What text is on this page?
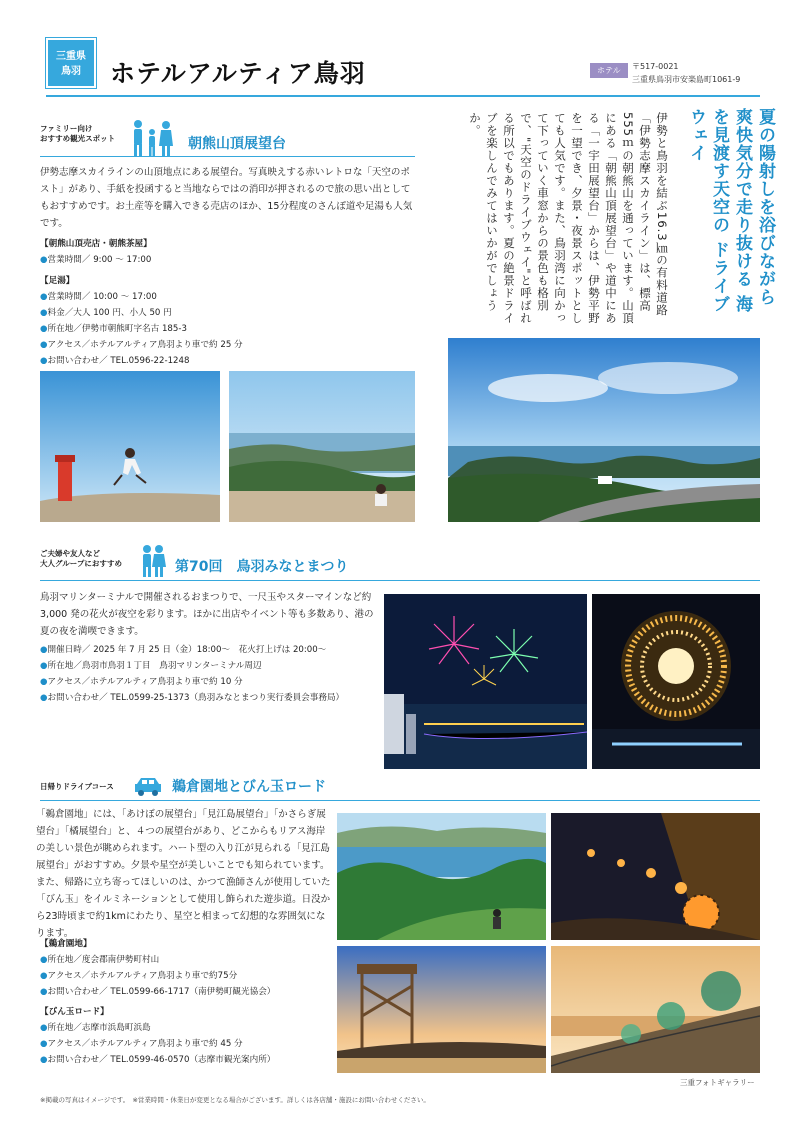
三重県
鳥羽	ホテルアルティア鳥羽	ホテル	〒517-0021
三重県鳥羽市安楽島町1061-9
ファミリー向け
おすすめ観光スポット	朝熊山頂展望台
伊勢志摩スカイラインの山頂地点にある展望台。写真映えする赤いレトロな「天空のポスト」があり、手紙を投函すると当地ならではの消印が押されるので旅の思い出としてもおすすめです。お土産等を購入できる売店のほか、15分程度のさんぽ道や足湯も人気です。
【朝熊山頂売店・朝熊茶屋】
●営業時間／ 9:00 ～ 17:00
【足湯】
●営業時間／ 10:00 ～ 17:00
●料金／大人 100 円、小人 50 円
●所在地／伊勢市朝熊町字名古 185-3
●アクセス／ホテルアルティア鳥羽より車で約 25 分
●お問い合わせ／ TEL.0596-22-1248
夏の陽射しを浴びながら 爽快気分で走り抜ける 海を見渡す天空の ドライブウェイ
伊勢と鳥羽を結ぶ16.3㎞の有料道路「伊勢志摩スカイライン」は、標高555ｍの朝熊山を通っています。山頂にある「朝熊山頂展望台」や道中にある「一宇田展望台」からは、伊勢平野を一望でき、夕景・夜景スポットとしても人気です。また、鳥羽湾に向かって下っていく車窓からの景色も格別で、"天空のドライブウェイ"と呼ばれる所以でもあります。夏の絶景ドライブを楽しんでみてはいかがでしょうか。
ご夫婦や友人など
大人グループにおすすめ	第70回　鳥羽みなとまつり
鳥羽マリンターミナルで開催されるおまつりで、一尺玉やスターマインなど約 3,000 発の花火が夜空を彩ります。ほかに出店やイベント等も多数あり、港の夏の夜を満喫できます。
●開催日時／ 2025 年 7 月 25 日（金）18:00～　花火打上げは 20:00～
●所在地／鳥羽市鳥羽１丁目　鳥羽マリンターミナル周辺
●アクセス／ホテルアルティア鳥羽より車で約 10 分
●お問い合わせ／ TEL.0599-25-1373（鳥羽みなとまつり実行委員会事務局）
日帰りドライブコース	鵜倉園地とびん玉ロード
「鵜倉園地」には、「あけぼの展望台」「見江島展望台」「かさらぎ展望台」「橘展望台」と、４つの展望台があり、どこからもリアス海岸の美しい景色が眺められます。ハート型の入り江が見られる「見江島展望台」がおすすめ。夕景や星空が美しいことでも知られています。また、帰路に立ち寄ってほしいのは、かつて漁師さんが使用していた「びん玉」をイルミネーションとして使用し飾られた遊歩道。日没から23時頃まで約1kmにわたり、星空と相まって幻想的な雰囲気になります。
【鵜倉園地】
●所在地／度会郡南伊勢町村山
●アクセス／ホテルアルティア鳥羽より車で約75分
●お問い合わせ／ TEL.0599-66-1717（南伊勢町観光協会）
【びん玉ロード】
●所在地／志摩市浜島町浜島
●アクセス／ホテルアルティア鳥羽より車で約 45 分
●お問い合わせ／ TEL.0599-46-0570（志摩市観光案内所）
三重フォトギャラリー
※掲載の写真はイメージです。　※営業時間・休業日が変更となる場合がございます。詳しくは各店舗・施設にお問い合わせください。
